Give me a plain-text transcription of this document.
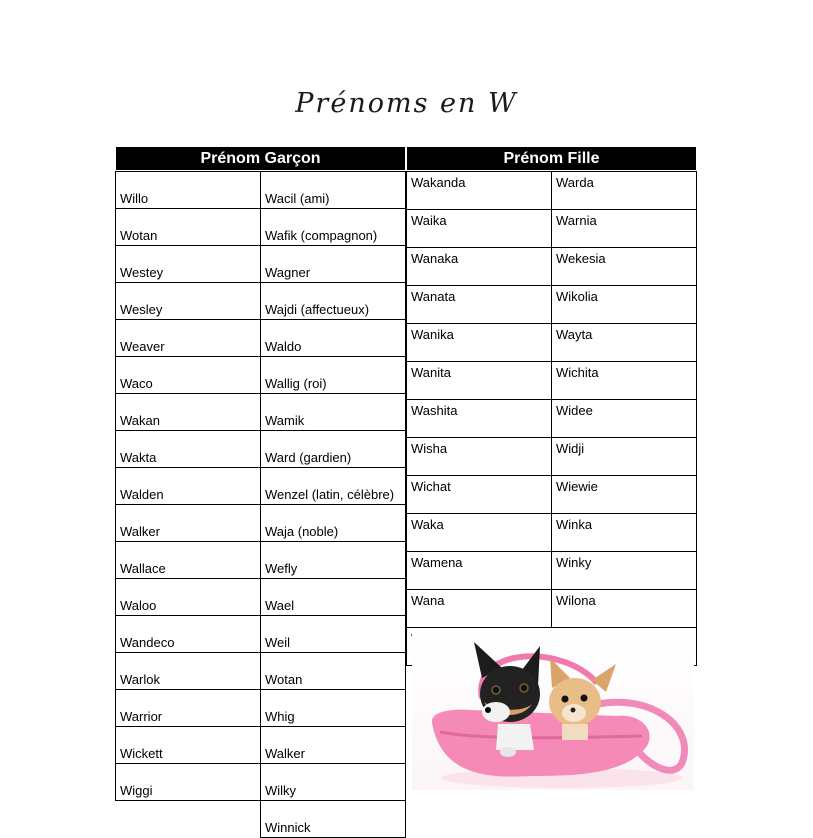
Prénoms en W
Prénom Garçon	Prénom Fille
Willo	Wacil (ami)
Wotan	Wafik (compagnon)
Westey	Wagner
Wesley	Wajdi (affectueux)
Weaver	Waldo
Waco	Wallig (roi)
Wakan	Wamik
Wakta	Ward (gardien)
Walden	Wenzel (latin, célèbre)
Walker	Waja (noble)
Wallace	Wefly
Waloo	Wael
Wandeco	Weil
Warlok	Wotan
Warrior	Whig
Wickett	Walker
Wiggi	Wilky
	Winnick
Wakanda	Warda
Waika	Warnia
Wanaka	Wekesia
Wanata	Wikolia
Wanika	Wayta
Wanita	Wichita
Washita	Widee
Wisha	Widji
Wichat	Wiewie
Waka	Winka
Wamena	Winky
Wana	Wilona
